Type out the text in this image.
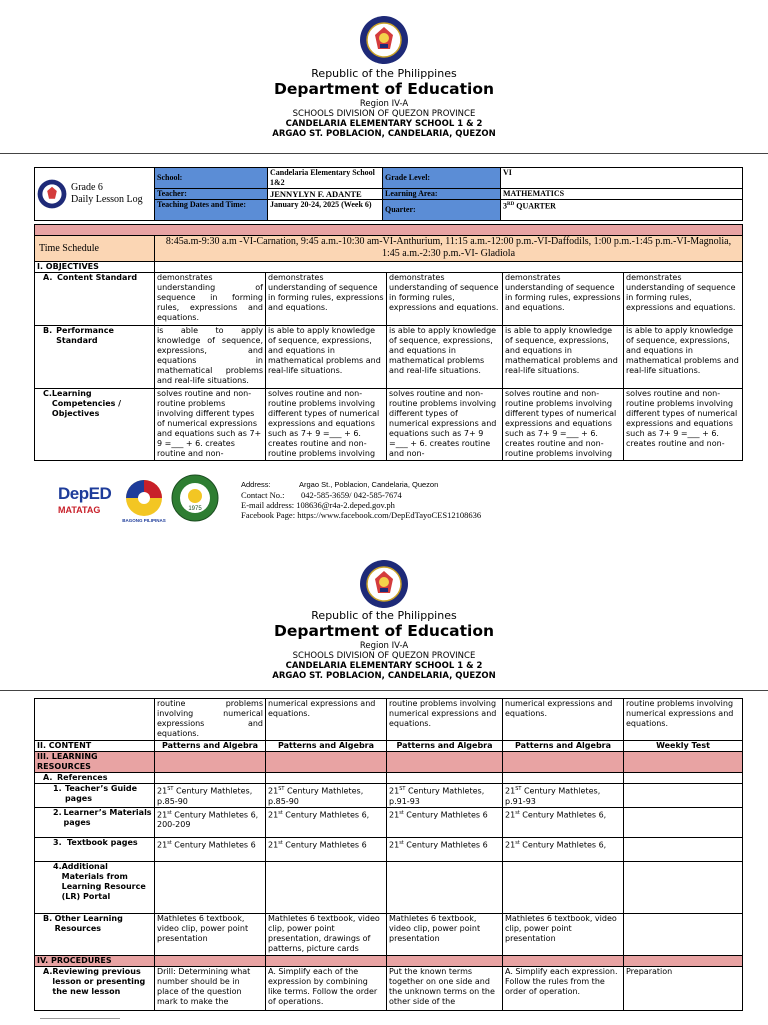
Republic of the Philippines
Department of Education
Region IV-A
SCHOOLS DIVISION OF QUEZON PROVINCE
CANDELARIA ELEMENTARY SCHOOL 1 & 2
ARGAO ST. POBLACION, CANDELARIA, QUEZON
Grade 6
Daily Lesson Log	School:	Candelaria Elementary School 1&2	Grade Level:	VI
	Teacher:	JENNYLYN F. ADANTE	Learning Area:	MATHEMATICS
	Teaching Dates and Time:	January 20-24, 2025 (Week 6)	Quarter:	3RD QUARTER

Time Schedule	8:45a.m-9:30 a.m -VI-Carnation, 9:45 a.m.-10:30 am-VI-Anthurium, 11:15 a.m.-12:00 p.m.-VI-Daffodils, 1:00 p.m.-1:45 p.m.-VI-Magnolia, 1:45 a.m.-2:30 p.m.-VI- Gladiola				
I. OBJECTIVES					
A. Content Standard	demonstrates understanding of sequence in forming rules, expressions and equations.	demonstrates understanding of sequence in forming rules, expressions and equations.	demonstrates understanding of sequence in forming rules, expressions and equations.	demonstrates understanding of sequence in forming rules, expressions and equations.	demonstrates understanding of sequence in forming rules, expressions and equations.

B. Performance Standard	is able to apply knowledge of sequence, expressions, and equations in mathematical problems and real-life situations.	is able to apply knowledge of sequence, expressions, and equations in mathematical problems and real-life situations.	is able to apply knowledge of sequence, expressions, and equations in mathematical problems and real-life situations.	is able to apply knowledge of sequence, expressions, and equations in mathematical problems and real-life situations.	is able to apply knowledge of sequence, expressions, and equations in mathematical problems and real-life situations.

C. Learning Competencies / Objectives	solves routine and non-routine problems involving different types of numerical expressions and equations such as 7+ 9 =___ + 6. creates routine and non-	solves routine and non-routine problems involving different types of numerical expressions and equations such as 7+ 9 =___ + 6. creates routine and non-routine problems involving	solves routine and non-routine problems involving different types of numerical expressions and equations such as 7+ 9 =___ + 6. creates routine and non-	solves routine and non-routine problems involving different types of numerical expressions and equations such as 7+ 9 =___ + 6. creates routine and non-routine problems involving	solves routine and non-routine problems involving different types of numerical expressions and equations such as 7+ 9 =___ + 6. creates routine and non-
DepED
MATATAG
BAGONG PILIPINAS
1975
Address:	Argao St., Poblacion, Candelaria, Quezon
Contact No.: 042-585-3659/ 042-585-7674
E-mail address: 108636@r4a-2.deped.gov.ph
Facebook Page: https://www.facebook.com/DepEdTayoCES12108636
Republic of the Philippines
Department of Education
Region IV-A
SCHOOLS DIVISION OF QUEZON PROVINCE
CANDELARIA ELEMENTARY SCHOOL 1 & 2
ARGAO ST. POBLACION, CANDELARIA, QUEZON
	routine problems involving numerical expressions and equations.	numerical expressions and equations.	routine problems involving numerical expressions and equations.	numerical expressions and equations.	routine problems involving numerical expressions and equations.
II. CONTENT	Patterns and Algebra	Patterns and Algebra	Patterns and Algebra	Patterns and Algebra	Weekly Test
III. LEARNING RESOURCES					
A. References					

1. Teacher’s Guide pages	21ST Century Mathletes, p.85-90	21ST Century Mathletes, p.85-90	21ST Century Mathletes, p.91-93	21ST Century Mathletes, p.91-93	

2. Learner’s Materials pages	21st Century Mathletes 6, 200-209	21st Century Mathletes 6,	21st Century Mathletes 6	21st Century Mathletes 6,	
3. Textbook pages	21st Century Mathletes 6	21st Century Mathletes 6	21st Century Mathletes 6	21st Century Mathletes 6,	

4. Additional Materials from Learning Resource (LR) Portal					

B. Other Learning Resources	Mathletes 6 textbook, video clip, power point presentation	Mathletes 6 textbook, video clip, power point presentation, drawings of patterns, picture cards	Mathletes 6 textbook, video clip, power point presentation	Mathletes 6 textbook, video clip, power point presentation	
IV. PROCEDURES					

A. Reviewing previous lesson or presenting the new lesson	Drill: Determining what number should be in place of the question mark to make the	A. Simplify each of the expression by combining like terms. Follow the order of operations.	Put the known terms together on one side and the unknown terms on the other side of the	A. Simplify each expression. Follow the rules from the order of operation.	Preparation
